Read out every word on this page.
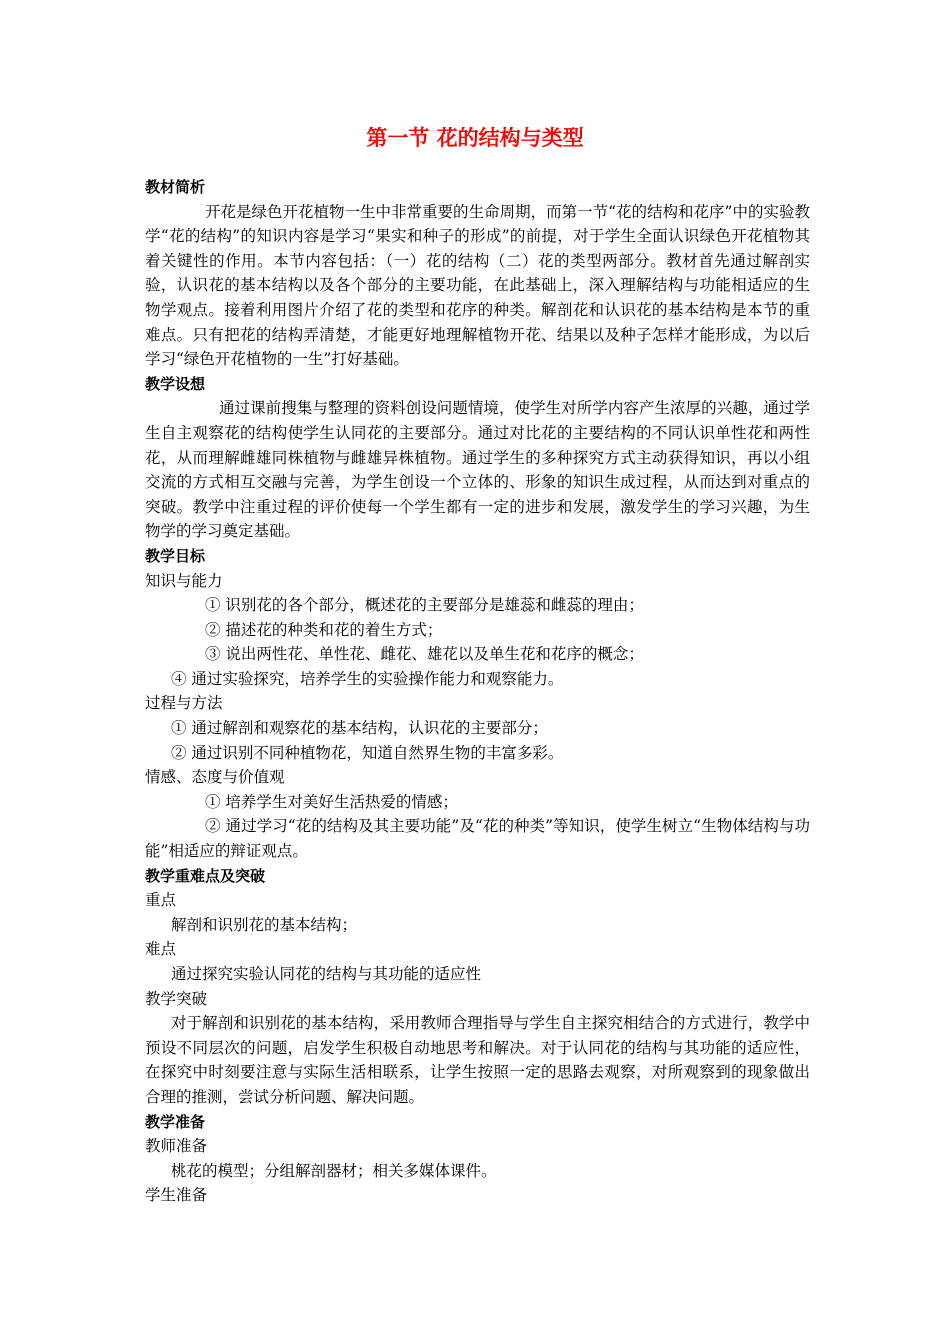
第一节 花的结构与类型
教材简析

开花是绿色开花植物一生中非常重要的生命周期，而第一节“花的结构和花序”中的实验教学“花的结构”的知识内容是学习“果实和种子的形成”的前提，对于学生全面认识绿色开花植物其着关键性的作用。本节内容包括：（一）花的结构（二）花的类型两部分。教材首先通过解剖实验，认识花的基本结构以及各个部分的主要功能，在此基础上，深入理解结构与功能相适应的生物学观点。接着利用图片介绍了花的类型和花序的种类。解剖花和认识花的基本结构是本节的重难点。只有把花的结构弄清楚，才能更好地理解植物开花、结果以及种子怎样才能形成，为以后学习“绿色开花植物的一生”打好基础。

教学设想

通过课前搜集与整理的资料创设问题情境，使学生对所学内容产生浓厚的兴趣，通过学生自主观察花的结构使学生认同花的主要部分。通过对比花的主要结构的不同认识单性花和两性花，从而理解雌雄同株植物与雌雄异株植物。通过学生的多种探究方式主动获得知识，再以小组交流的方式相互交融与完善，为学生创设一个立体的、形象的知识生成过程，从而达到对重点的突破。教学中注重过程的评价使每一个学生都有一定的进步和发展，激发学生的学习兴趣，为生物学的学习奠定基础。

教学目标
知识与能力
① 识别花的各个部分，概述花的主要部分是雄蕊和雌蕊的理由；
② 描述花的种类和花的着生方式；
③ 说出两性花、单性花、雌花、雄花以及单生花和花序的概念；
④ 通过实验探究，培养学生的实验操作能力和观察能力。
过程与方法
① 通过解剖和观察花的基本结构，认识花的主要部分；
② 通过识别不同种植物花，知道自然界生物的丰富多彩。
情感、态度与价值观
① 培养学生对美好生活热爱的情感；

② 通过学习“花的结构及其主要功能”及“花的种类”等知识，使学生树立“生物体结构与功能”相适应的辩证观点。

教学重难点及突破
重点
解剖和识别花的基本结构；
难点
通过探究实验认同花的结构与其功能的适应性
教学突破

对于解剖和识别花的基本结构，采用教师合理指导与学生自主探究相结合的方式进行，教学中预设不同层次的问题，启发学生积极自动地思考和解决。对于认同花的结构与其功能的适应性，在探究中时刻要注意与实际生活相联系，让学生按照一定的思路去观察，对所观察到的现象做出合理的推测，尝试分析问题、解决问题。

教学准备
教师准备
桃花的模型；分组解剖器材；相关多媒体课件。
学生准备
